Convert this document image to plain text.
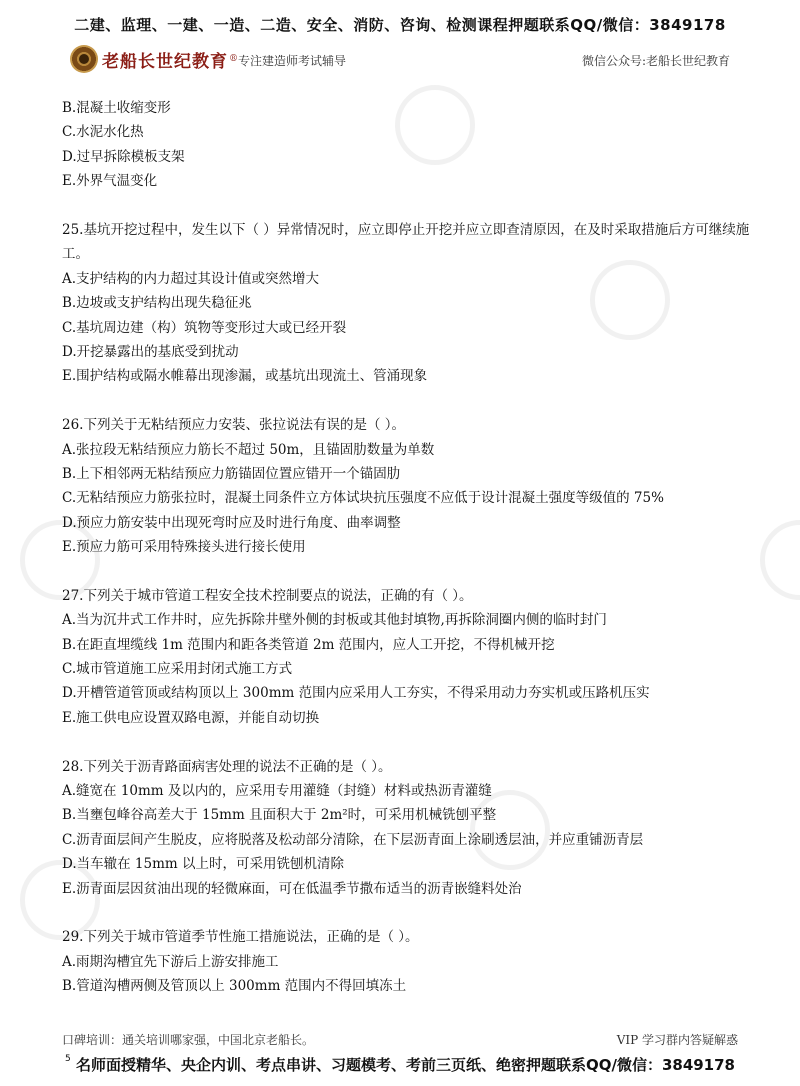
二建、监理、一建、一造、二造、安全、消防、咨询、检测课程押题联系QQ/微信：3849178
老船长世纪教育 ® 专注建造师考试辅导	微信公众号:老船长世纪教育
B.混凝土收缩变形
C.水泥水化热
D.过早拆除模板支架
E.外界气温变化
25.基坑开挖过程中，发生以下（ ）异常情况时，应立即停止开挖并应立即查清原因，在及时采取措施后方可继续施工。
A.支护结构的内力超过其设计值或突然增大
B.边坡或支护结构出现失稳征兆
C.基坑周边建（构）筑物等变形过大或已经开裂
D.开挖暴露出的基底受到扰动
E.围护结构或隔水帷幕出现渗漏，或基坑出现流土、管涌现象
26.下列关于无粘结预应力安装、张拉说法有误的是（ ）。
A.张拉段无粘结预应力筋长不超过 50m，且锚固肋数量为单数
B.上下相邻两无粘结预应力筋锚固位置应错开一个锚固肋
C.无粘结预应力筋张拉时，混凝土同条件立方体试块抗压强度不应低于设计混凝土强度等级值的 75%
D.预应力筋安装中出现死弯时应及时进行角度、曲率调整
E.预应力筋可采用特殊接头进行接长使用
27.下列关于城市管道工程安全技术控制要点的说法，正确的有（ ）。
A.当为沉井式工作井时，应先拆除井壁外侧的封板或其他封填物,再拆除洞圈内侧的临时封门
B.在距直埋缆线 1m 范围内和距各类管道 2m 范围内，应人工开挖，不得机械开挖
C.城市管道施工应采用封闭式施工方式
D.开槽管道管顶或结构顶以上 300mm 范围内应采用人工夯实，不得采用动力夯实机或压路机压实
E.施工供电应设置双路电源，并能自动切换
28.下列关于沥青路面病害处理的说法不正确的是（ ）。
A.缝宽在 10mm 及以内的，应采用专用灌缝（封缝）材料或热沥青灌缝
B.当壅包峰谷高差大于 15mm 且面积大于 2m²时，可采用机械铣刨平整
C.沥青面层间产生脱皮，应将脱落及松动部分清除，在下层沥青面上涂刷透层油，并应重铺沥青层
D.当车辙在 15mm 以上时，可采用铣刨机清除
E.沥青面层因贫油出现的轻微麻面，可在低温季节撒布适当的沥青嵌缝料处治
29.下列关于城市管道季节性施工措施说法，正确的是（ ）。
A.雨期沟槽宜先下游后上游安排施工
B.管道沟槽两侧及管顶以上 300mm 范围内不得回填冻土
口碑培训：通关培训哪家强，中国北京老船长。	VIP 学习群内答疑解惑
$^5$ 名师面授精华、央企内训、考点串讲、习题模考、考前三页纸、绝密押题联系QQ/微信：3849178
